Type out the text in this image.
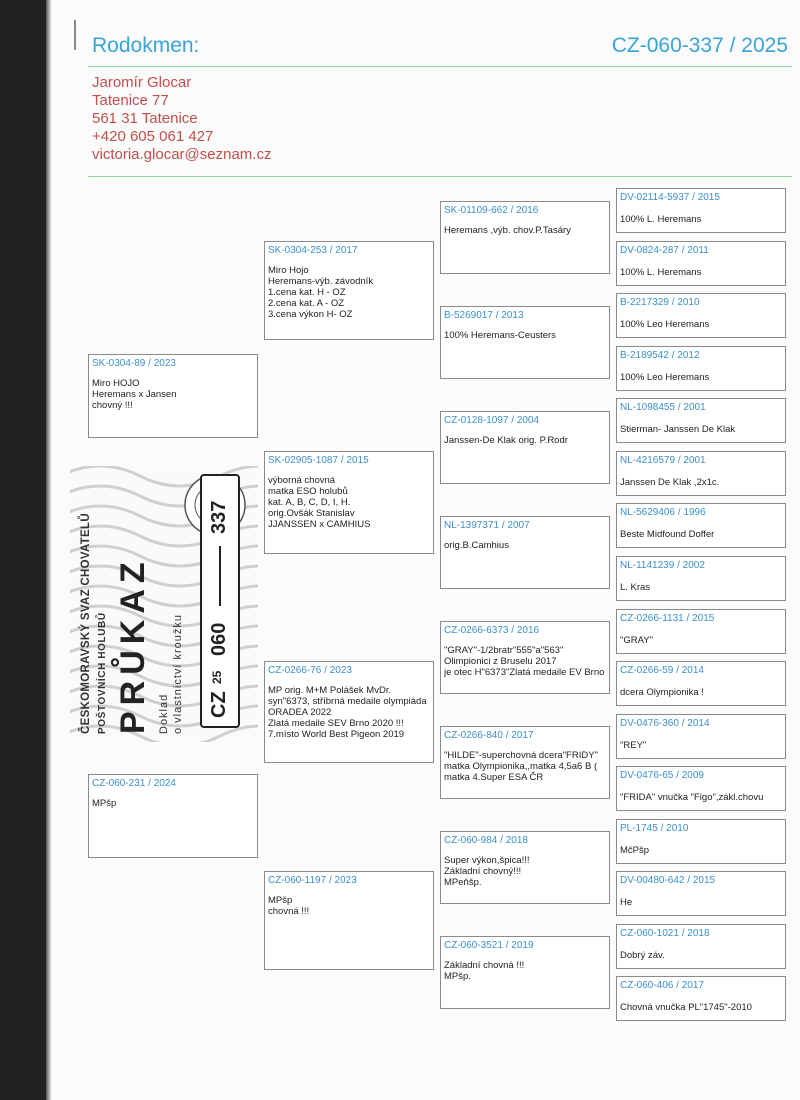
Rodokmen:	CZ-060-337 / 2025
Jaromír Glocar
Tatenice 77
561 31 Tatenice
+420 605 061 427
victoria.glocar@seznam.cz
SK-0304-89 / 2023
Miro HOJO
Heremans x Jansen
chovný !!!
CZ-060-231 / 2024
MPšp
SK-0304-253 / 2017
Miro Hojo
Heremans-výb. závodník
1.cena kat. H - OZ
2.cena kat. A - OZ
3.cena výkon H- OZ
SK-02905-1087 / 2015
výborná chovná
matka ESO holubů
kat. A, B, C, D, I, H.
orig.Ovšák Stanislav
JJANSSEN x CAMHIUS
CZ-0266-76 / 2023
MP orig. M+M Polášek MvDr.
syn"6373, stříbrná medaile olympiáda
ORADEA 2022
Zlatá medaile SEV Brno 2020 !!!
7.místo World Best Pigeon 2019
CZ-060-1197 / 2023
MPšp
chovná !!!
SK-01109-662 / 2016
Heremans ,výb. chov.P.Tasáry
B-5269017 / 2013
100% Heremans-Ceusters
CZ-0128-1097 / 2004
Janssen-De Klak orig. P.Rodr
NL-1397371 / 2007
orig.B.Camhius
CZ-0266-6373 / 2016
"GRAY"-1/2bratr"555"a"563"
Olimpionici z Bruselu 2017
je otec H"6373"Zlatá medaile EV Brno
CZ-0266-840 / 2017
"HILDE"-superchovná dcera"FRIDY"
matka Olympionika,,matka 4,5a6 B (
matka 4.Super ESA ČR
CZ-060-984 / 2018
Super výkon,špica!!!
Základní chovný!!!
MPeňšp.
CZ-060-3521 / 2019
Základní chovná !!!
MPšp.
DV-02114-5937 / 2015
100% L. Heremans
DV-0824-287 / 2011
100% L. Heremans
B-2217329 / 2010
100% Leo Heremans
B-2189542 / 2012
100% Leo Heremans
NL-1098455 / 2001
Stierman- Janssen De Klak
NL-4216579 / 2001
Janssen De Klak ,2x1c.
NL-5629406 / 1996
Beste Midfound Doffer
NL-1141239 / 2002
L. Kras
CZ-0266-1131 / 2015
"GRAY"
CZ-0266-59 / 2014
dcera Olympionika !
DV-0476-360 / 2014
"REY"
DV-0476-65 / 2009
"FRIDA" vnučka "Figo",zákl.chovu
PL-1745 / 2010
MčPšp
DV-00480-642 / 2015
He
CZ-060-1021 / 2018
Dobrý záv.
CZ-060-406 / 2017
Chovná vnučka PL"1745"-2010
ČESKOMORAVSKÝ SVAZ CHOVATELŮ POŠTOVNÍCH HOLUBŮ PRŮKAZ Doklad o vlastnictví kroužku CZ
25
060
337
